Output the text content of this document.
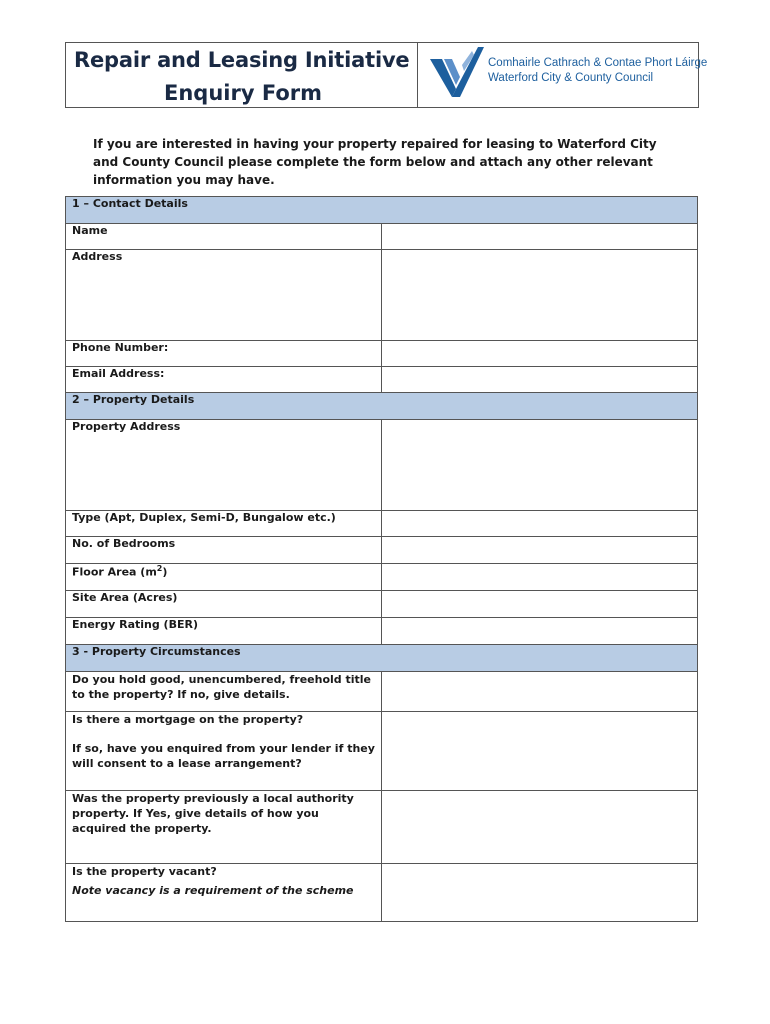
Repair and Leasing Initiative
Enquiry Form
Comhairle Cathrach & Contae Phort Láirge
Waterford City & County Council
If you are interested in having your property repaired for leasing to Waterford City and County Council please complete the form below and attach any other relevant information you may have.
1 – Contact Details	
Name	
Address	
Phone Number:	
Email Address:	
2 – Property Details	
Property Address	
Type (Apt, Duplex, Semi-D, Bungalow etc.)	
No. of Bedrooms	
Floor Area $(m^2)$	
Site Area (Acres)	
Energy Rating (BER)	
3 - Property Circumstances	

Do you hold good, unencumbered, freehold title to the property? If no, give details.	

Is there a mortgage on the property?
If so, have you enquired from your lender if they will consent to a lease arrangement?	

Was the property previously a local authority property. If Yes, give details of how you acquired the property.	

Is the property vacant?
Note vacancy is a requirement of the scheme	
